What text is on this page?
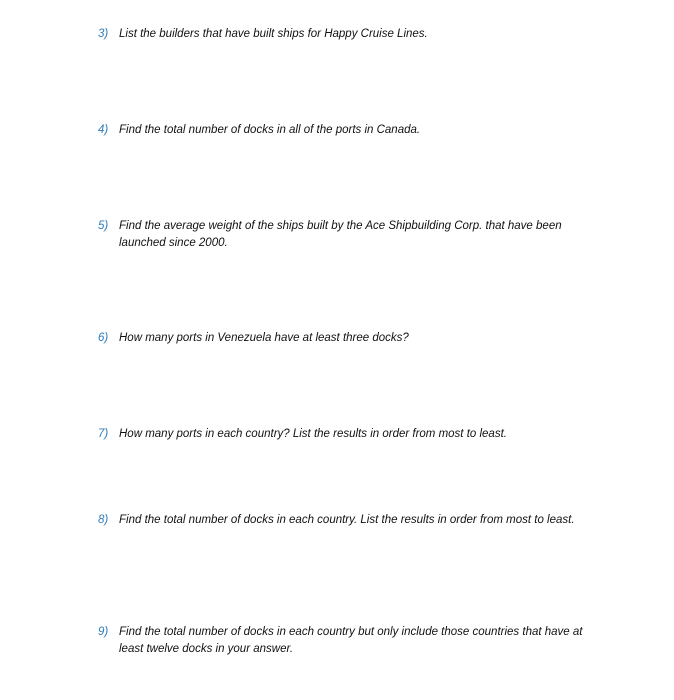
3) List the builders that have built ships for Happy Cruise Lines.
4) Find the total number of docks in all of the ports in Canada.
5) Find the average weight of the ships built by the Ace Shipbuilding Corp. that have been launched since 2000.
6) How many ports in Venezuela have at least three docks?
7) How many ports in each country? List the results in order from most to least.
8) Find the total number of docks in each country. List the results in order from most to least.
9) Find the total number of docks in each country but only include those countries that have at least twelve docks in your answer.
